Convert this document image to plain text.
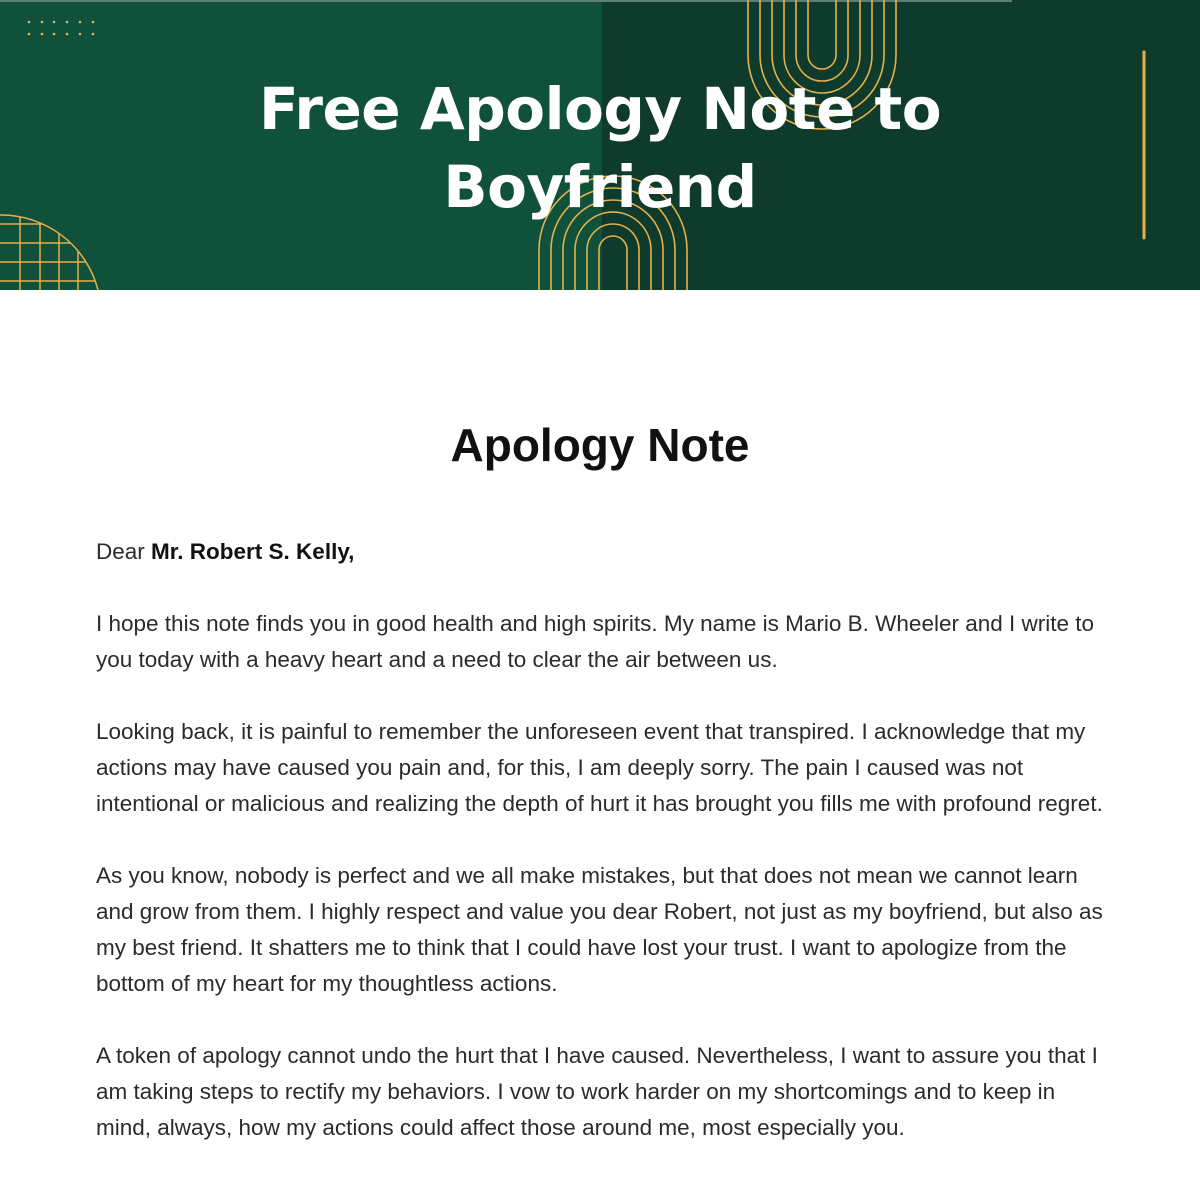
Free Apology Note to
Boyfriend
Apology Note

Dear Mr. Robert S. Kelly,

I hope this note finds you in good health and high spirits. My name is Mario B. Wheeler and I write to you today with a heavy heart and a need to clear the air between us.

Looking back, it is painful to remember the unforeseen event that transpired. I acknowledge that my actions may have caused you pain and, for this, I am deeply sorry. The pain I caused was not intentional or malicious and realizing the depth of hurt it has brought you fills me with profound regret.

As you know, nobody is perfect and we all make mistakes, but that does not mean we cannot learn and grow from them. I highly respect and value you dear Robert, not just as my boyfriend, but also as my best friend. It shatters me to think that I could have lost your trust. I want to apologize from the bottom of my heart for my thoughtless actions.

A token of apology cannot undo the hurt that I have caused. Nevertheless, I want to assure you that I am taking steps to rectify my behaviors. I vow to work harder on my shortcomings and to keep in mind, always, how my actions could affect those around me, most especially you.
